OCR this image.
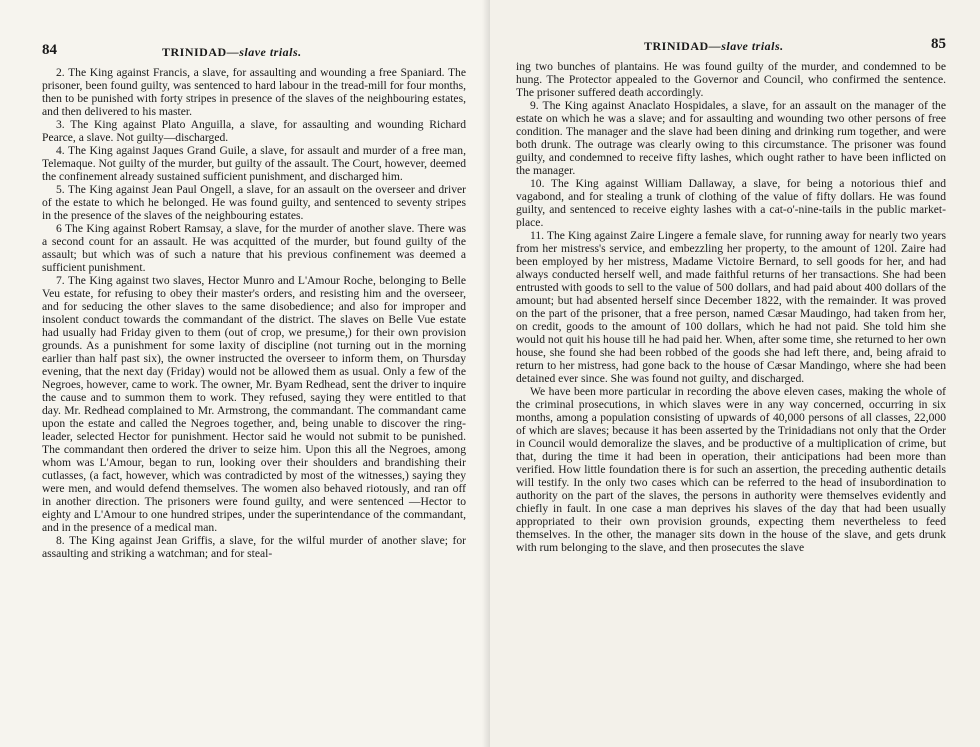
84	TRINIDAD—slave trials.

2. The King against Francis, a slave, for assaulting and wounding a free Spaniard. The prisoner, been found guilty, was sentenced to hard labour in the tread-mill for four months, then to be punished with forty stripes in presence of the slaves of the neighbouring estates, and then delivered to his master.

3. The King against Plato Anguilla, a slave, for assaulting and wounding Richard Pearce, a slave. Not guilty—discharged.

4. The King against Jaques Grand Guile, a slave, for assault and murder of a free man, Telemaque. Not guilty of the murder, but guilty of the assault. The Court, however, deemed the confinement already sustained sufficient punishment, and discharged him.

5. The King against Jean Paul Ongell, a slave, for an assault on the overseer and driver of the estate to which he belonged. He was found guilty, and sentenced to seventy stripes in the presence of the slaves of the neighbouring estates.

6 The King against Robert Ramsay, a slave, for the murder of another slave. There was a second count for an assault. He was acquitted of the murder, but found guilty of the assault; but which was of such a nature that his previous confinement was deemed a sufficient punishment.

7. The King against two slaves, Hector Munro and L'Amour Roche, belonging to Belle Veu estate, for refusing to obey their master's orders, and resisting him and the overseer, and for seducing the other slaves to the same disobedience; and also for improper and insolent conduct towards the commandant of the district. The slaves on Belle Vue estate had usually had Friday given to them (out of crop, we presume,) for their own provision grounds. As a punishment for some laxity of discipline (not turning out in the morning earlier than half past six), the owner instructed the overseer to inform them, on Thursday evening, that the next day (Friday) would not be allowed them as usual. Only a few of the Negroes, however, came to work. The owner, Mr. Byam Redhead, sent the driver to inquire the cause and to summon them to work. They refused, saying they were entitled to that day. Mr. Redhead complained to Mr. Armstrong, the commandant. The commandant came upon the estate and called the Negroes together, and, being unable to discover the ring-leader, selected Hector for punishment. Hector said he would not submit to be punished. The commandant then ordered the driver to seize him. Upon this all the Negroes, among whom was L'Amour, began to run, looking over their shoulders and brandishing their cutlasses, (a fact, however, which was contradicted by most of the witnesses,) saying they were men, and would defend themselves. The women also behaved riotously, and ran off in another direction. The prisoners were found guilty, and were sentenced —Hector to eighty and L'Amour to one hundred stripes, under the superintendance of the commandant, and in the presence of a medical man.

8. The King against Jean Griffis, a slave, for the wilful murder of another slave; for assaulting and striking a watchman; and for steal-

TRINIDAD—slave trials.	85

ing two bunches of plantains. He was found guilty of the murder, and condemned to be hung. The Protector appealed to the Governor and Council, who confirmed the sentence. The prisoner suffered death accordingly.

9. The King against Anaclato Hospidales, a slave, for an assault on the manager of the estate on which he was a slave; and for assaulting and wounding two other persons of free condition. The manager and the slave had been dining and drinking rum together, and were both drunk. The outrage was clearly owing to this circumstance. The prisoner was found guilty, and condemned to receive fifty lashes, which ought rather to have been inflicted on the manager.

10. The King against William Dallaway, a slave, for being a notorious thief and vagabond, and for stealing a trunk of clothing of the value of fifty dollars. He was found guilty, and sentenced to receive eighty lashes with a cat-o'-nine-tails in the public market-place.

11. The King against Zaire Lingere a female slave, for running away for nearly two years from her mistress's service, and embezzling her property, to the amount of 120l. Zaire had been employed by her mistress, Madame Victoire Bernard, to sell goods for her, and had always conducted herself well, and made faithful returns of her transactions. She had been entrusted with goods to sell to the value of 500 dollars, and had paid about 400 dollars of the amount; but had absented herself since December 1822, with the remainder. It was proved on the part of the prisoner, that a free person, named Cæsar Maudingo, had taken from her, on credit, goods to the amount of 100 dollars, which he had not paid. She told him she would not quit his house till he had paid her. When, after some time, she returned to her own house, she found she had been robbed of the goods she had left there, and, being afraid to return to her mistress, had gone back to the house of Cæsar Mandingo, where she had been detained ever since. She was found not guilty, and discharged.

We have been more particular in recording the above eleven cases, making the whole of the criminal prosecutions, in which slaves were in any way concerned, occurring in six months, among a population consisting of upwards of 40,000 persons of all classes, 22,000 of which are slaves; because it has been asserted by the Trinidadians not only that the Order in Council would demoralize the slaves, and be productive of a multiplication of crime, but that, during the time it had been in operation, their anticipations had been more than verified. How little foundation there is for such an assertion, the preceding authentic details will testify. In the only two cases which can be referred to the head of insubordination to authority on the part of the slaves, the persons in authority were themselves evidently and chiefly in fault. In one case a man deprives his slaves of the day that had been usually appropriated to their own provision grounds, expecting them nevertheless to feed themselves. In the other, the manager sits down in the house of the slave, and gets drunk with rum belonging to the slave, and then prosecutes the slave
